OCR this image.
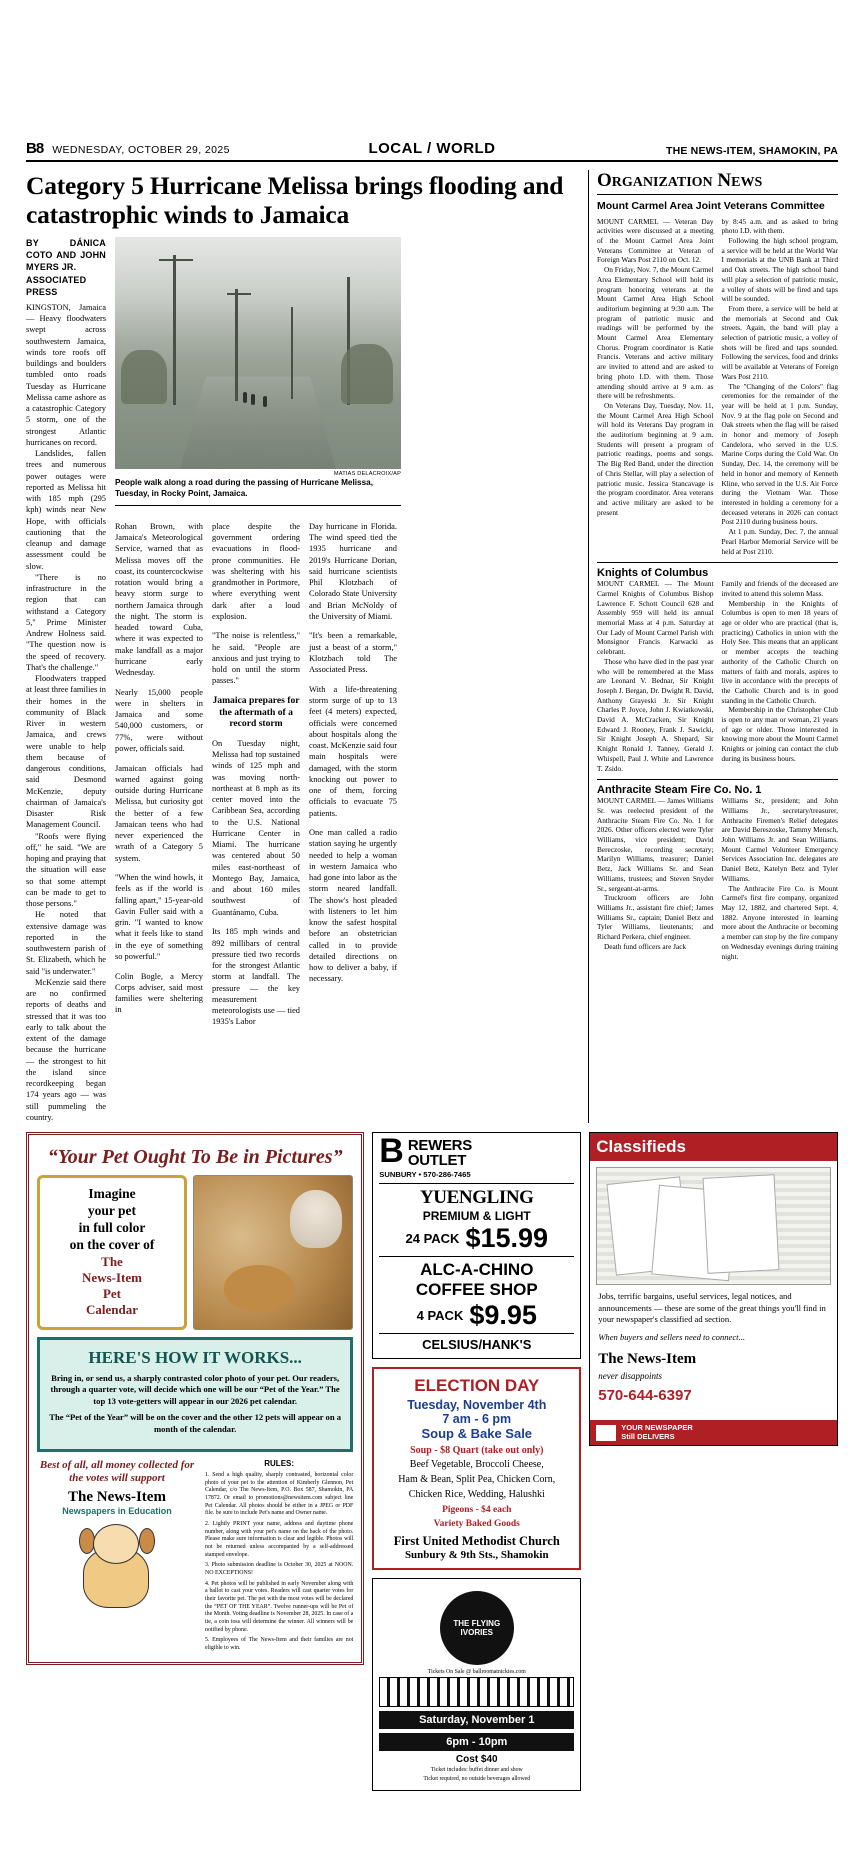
B8 WEDNESDAY, OCTOBER 29, 2025	LOCAL / WORLD	THE NEWS-ITEM, SHAMOKIN, PA
Category 5 Hurricane Melissa brings flooding and catastrophic winds to Jamaica
BY DÁNICA COTO AND JOHN MYERS JR.
ASSOCIATED PRESS

KINGSTON, Jamaica — Heavy floodwaters swept across southwestern Jamaica, winds tore roofs off buildings and boulders tumbled onto roads Tuesday as Hurricane Melissa came ashore as a catastrophic Category 5 storm, one of the strongest Atlantic hurricanes on record.

Landslides, fallen trees and numerous power outages were reported as Melissa hit with 185 mph (295 kph) winds near New Hope, with officials cautioning that the cleanup and damage assessment could be slow.

"There is no infrastructure in the region that can withstand a Category 5," Prime Minister Andrew Holness said. "The question now is the speed of recovery. That's the challenge."

Floodwaters trapped at least three families in their homes in the community of Black River in western Jamaica, and crews were unable to help them because of dangerous conditions, said Desmond McKenzie, deputy chairman of Jamaica's Disaster Risk Management Council.

"Roofs were flying off," he said. "We are hoping and praying that the situation will ease so that some attempt can be made to get to those persons."

He noted that extensive damage was reported in the southwestern parish of St. Elizabeth, which he said "is underwater."

McKenzie said there are no confirmed reports of deaths and stressed that it was too early to talk about the extent of the damage because the hurricane — the strongest to hit the island since recordkeeping began 174 years ago — was still pummeling the country.

MATIAS DELACROIX/AP
People walk along a road during the passing of Hurricane Melissa, Tuesday, in Rocky Point, Jamaica.

Rohan Brown, with Jamaica's Meteorological Service, warned that as Melissa moves off the coast, its countercockwise rotation would bring a heavy storm surge to northern Jamaica through the night. The storm is headed toward Cuba, where it was expected to make landfall as a major hurricane early Wednesday.

Nearly 15,000 people were in shelters in Jamaica and some 540,000 customers, or 77%, were without power, officials said.

Jamaican officials had warned against going outside during Hurricane Melissa, but curiosity got the better of a few Jamaican teens who had never experienced the wrath of a Category 5 system.

"When the wind howls, it feels as if the world is falling apart," 15-year-old Gavin Fuller said with a grin. "I wanted to know what it feels like to stand in the eye of something so powerful."

Colin Bogle, a Mercy Corps adviser, said most families were sheltering in

place despite the government ordering evacuations in flood-prone communities. He was sheltering with his grandmother in Portmore, where everything went dark after a loud explosion.

"The noise is relentless," he said. "People are anxious and just trying to hold on until the storm passes."

Jamaica prepares for the aftermath of a record storm

On Tuesday night, Melissa had top sustained winds of 125 mph and was moving north-northeast at 8 mph as its center moved into the Caribbean Sea, according to the U.S. National Hurricane Center in Miami. The hurricane was centered about 50 miles east-northeast of Montego Bay, Jamaica, and about 160 miles southwest of Guantánamo, Cuba.

Its 185 mph winds and 892 millibars of central pressure tied two records for the strongest Atlantic storm at landfall. The pressure — the key measurement meteorologists use — tied 1935's Labor

Day hurricane in Florida. The wind speed tied the 1935 hurricane and 2019's Hurricane Dorian, said hurricane scientists Phil Klotzbach of Colorado State University and Brian McNoldy of the University of Miami.

"It's been a remarkable, just a beast of a storm," Klotzbach told The Associated Press.

With a life-threatening storm surge of up to 13 feet (4 meters) expected, officials were concerned about hospitals along the coast. McKenzie said four main hospitals were damaged, with the storm knocking out power to one of them, forcing officials to evacuate 75 patients.

One man called a radio station saying he urgently needed to help a woman in western Jamaica who had gone into labor as the storm neared landfall. The show's host pleaded with listeners to let him know the safest hospital before an obstetrician called in to provide detailed directions on how to deliver a baby, if necessary.

ORGANIZATION NEWS
Mount Carmel Area Joint Veterans Committee

MOUNT CARMEL — Veteran Day activities were discussed at a meeting of the Mount Carmel Area Joint Veterans Committee at Veteran of Foreign Wars Post 2110 on Oct. 12.

On Friday, Nov. 7, the Mount Carmel Area Elementary School will hold its program honoring veterans at the Mount Carmel Area High School auditorium beginning at 9:30 a.m. The program of patriotic music and readings will be performed by the Mount Carmel Area Elementary Chorus. Program coordinator is Katie Francis. Veterans and active military are invited to attend and are asked to bring photo I.D. with them. Those attending should arrive at 9 a.m. as there will be refreshments.

On Veterans Day, Tuesday, Nov. 11, the Mount Carmel Area High School will hold its Veterans Day program in the auditorium beginning at 9 a.m. Students will present a program of patriotic readings, poems and songs. The Big Red Band, under the direction of Chris Stellar, will play a selection of patriotic music. Jessica Stancavage is the program coordinator. Area veterans and active military are asked to be present

by 8:45 a.m. and as asked to bring photo I.D. with them.

Following the high school program, a service will be held at the World War I memorials at the UNB Bank at Third and Oak streets. The high school band will play a selection of patriotic music, a volley of shots will be fired and taps will be sounded.

From there, a service will be held at the memorials at Second and Oak streets. Again, the band will play a selection of patriotic music, a volley of shots will be fired and taps sounded. Following the services, food and drinks will be available at Veterans of Foreign Wars Post 2110.

The "Changing of the Colors" flag ceremonies for the remainder of the year will be held at 1 p.m. Sunday, Nov. 9 at the flag pole on Second and Oak streets when the flag will be raised in honor and memory of Joseph Candelora, who served in the U.S. Marine Corps during the Cold War. On Sunday, Dec. 14, the ceremony will be held in honor and memory of Kenneth Kline, who served in the U.S. Air Force during the Vietnam War. Those interested in holding a ceremony for a deceased veterans in 2026 can contact Post 2110 during business hours.

At 1 p.m. Sunday, Dec. 7, the annual Pearl Harbor Memorial Service will be held at Post 2110.

Knights of Columbus

MOUNT CARMEL — The Mount Carmel Knights of Columbus Bishop Lawrence F. Schott Council 628 and Assembly 959 will held its annual memorial Mass at 4 p.m. Saturday at Our Lady of Mount Carmel Parish with Monsignor Francis Karwacki as celebrant.

Those who have died in the past year who will be remembered at the Mass are Leonard V. Bednar, Sir Knight Joseph J. Bergan, Dr. Dwight R. David, Anthony Grayeski Jr. Sir Knight Charles P. Joyce, John J. Kwiatkowski, David A. McCracken, Sir Knight Edward J. Rooney, Frank J. Sawicki, Sir Knight Joseph A. Shepard, Sir Knight Ronald J. Tanney, Gerald J. Whispell, Paul J. White and Lawrence T. Zsido.

Family and friends of the deceased are invited to attend this solemn Mass.

Membership in the Knights of Columbus is open to men 18 years of age or older who are practical (that is, practicing) Catholics in union with the Holy See. This means that an applicant or member accepts the teaching authority of the Catholic Church on matters of faith and morals, aspires to live in accordance with the precepts of the Catholic Church and is in good standing in the Catholic Church.

Membership in the Christopher Club is open to any man or woman, 21 years of age or older. Those interested in knowing more about the Mount Carmel Knights or joining can contact the club during its business hours.

Anthracite Steam Fire Co. No. 1

MOUNT CARMEL — James Williams Sr. was reelected president of the Anthracite Steam Fire Co. No. 1 for 2026. Other officers elected were Tyler Williams, vice president; David Bereczoske, recording secretary; Marilyn Williams, treasurer; Daniel Betz, Jack Williams Sr. and Sean Williams, trustees; and Steven Snyder Sr., sergeant-at-arms.

Truckroom officers are John Williams Jr., assistant fire chief; James Williams Sr., captain; Daniel Betz and Tyler Williams, lieutenants; and Richard Perkera, chief engineer.

Death fund officers are Jack

Williams Sr., president; and John Williams Jr., secretary/treasurer, Anthracite Firemen's Relief delegates are David Bereszoske, Tammy Mensch, John Williams Jr. and Sean Williams. Mount Carmel Volunteer Emergency Services Association Inc. delegates are Daniel Betz, Katelyn Betz and Tyler Williams.

The Anthracite Fire Co. is Mount Carmel's first fire company, organized May 12, 1882, and chartered Sept. 4, 1882. Anyone interested in learning more about the Anthracite or becoming a member can stop by the fire company on Wednesday evenings during training night.

“Your Pet Ought To Be in Pictures”
Imagine
your pet
in full color
on the cover of
The
News-Item
Pet
Calendar
HERE'S HOW IT WORKS...

Bring in, or send us, a sharply contrasted color photo of your pet. Our readers, through a quarter vote, will decide which one will be our “Pet of the Year.” The top 13 vote-getters will appear in our 2026 pet calendar.

The “Pet of the Year” will be on the cover and the other 12 pets will appear on a month of the calendar.

Best of all, all money collected for the votes will support
The News-Item
Newspapers in Education
RULES:

1. Send a high quality, sharply contrasted, horizontal color photo of your pet to the attention of Kimberly Glennon, Pet Calendar, c/o The News-Item, P.O. Box 587, Shamokin, PA 17872. Or email to promotions@newsitem.com subject line Pet Calendar. All photos should be either in a JPEG or PDF file. be sure to include Pet's name and Owner name.

2. Lightly PRINT your name, address and daytime phone number, along with your pet's name on the back of the photo. Please make sure information is clear and legible. Photos will not be returned unless accompanied by a self-addressed stamped envelope.

3. Photo submission deadline is October 30, 2025 at NOON. NO EXCEPTIONS!

4. Pet photos will be published in early November along with a ballot to cast your votes. Readers will cast quarter votes for their favorite pet. The pet with the most votes will be declared the “PET OF THE YEAR”. Twelve runner-ups will be Pet of the Month. Voting deadline is November 28, 2025. In case of a tie, a coin toss will determine the winner. All winners will be notified by phone.

5. Employees of The News-Item and their families are not eligible to win.

B REWERS
OUTLET
SUNBURY • 570-286-7465
YUENGLING
PREMIUM & LIGHT
24 PACK $15.99
ALC-A-CHINO
COFFEE SHOP
4 PACK $9.95
CELSIUS/HANK'S
ELECTION DAY
Tuesday, November 4th
7 am - 6 pm
Soup & Bake Sale
Soup - $8 Quart (take out only)
Beef Vegetable, Broccoli Cheese,
Ham & Bean, Split Pea, Chicken Corn,
Chicken Rice, Wedding, Halushki
Pigeons - $4 each
Variety Baked Goods
First United Methodist Church
Sunbury & 9th Sts., Shamokin
THE FLYING IVORIES
Tickets On Sale @ ballroomatnickies.com
Saturday, November 1
6pm - 10pm
Cost $40
Ticket includes: buffet dinner and show
Ticket required, no outside beverages allowed
Classifieds
Jobs, terrific bargains, useful services, legal notices, and announcements — these are some of the great things you'll find in your newspaper's classified ad section.
When buyers and sellers need to connect...
The News-Item
never disappoints
570-644-6397
YOUR NEWSPAPER
Still DELIVERS
